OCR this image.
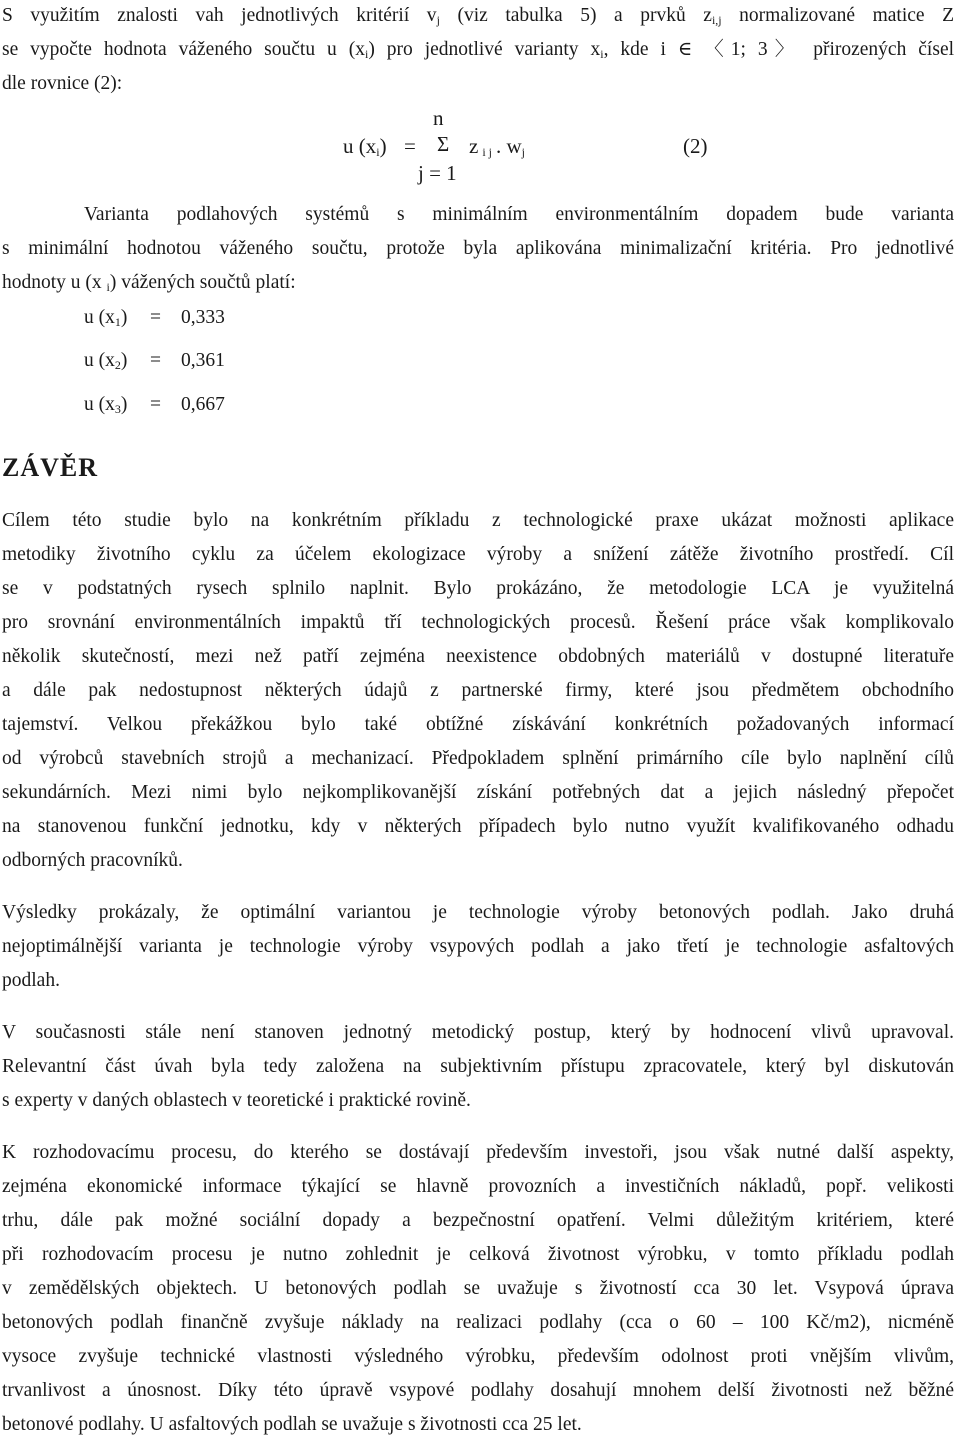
S využitím znalosti vah jednotlivých kritérií $v_j$ (viz tabulka 5) a prvků $z_{i,j}$ normalizované matice Z
se vypočte hodnota váženého součtu u $(x_i)$ pro jednotlivé varianty $x_i$, kde i ∈ 〈1; 3〉 přirozených čísel
dle rovnice (2):
n
u $(x_i) = \Sigma$ z $_{i j}$ . $w_j$	(2)
j = 1
Varianta podlahových systémů s minimálním environmentálním dopadem bude varianta
s minimální hodnotou váženého součtu, protože byla aplikována minimalizační kritéria. Pro jednotlivé
hodnoty u (x $_i$) vážených součtů platí:
u $(x_1) = 0,333$
u $(x_2) = 0,361$
u $(x_3) = 0,667$
ZÁVĚR
Cílem této studie bylo na konkrétním příkladu z technologické praxe ukázat možnosti aplikace
metodiky životního cyklu za účelem ekologizace výroby a snížení zátěže životního prostředí. Cíl
se v podstatných rysech splnilo naplnit. Bylo prokázáno, že metodologie LCA je využitelná
pro srovnání environmentálních impaktů tří technologických procesů. Řešení práce však komplikovalo
několik skutečností, mezi než patří zejména neexistence obdobných materiálů v dostupné literatuře
a dále pak nedostupnost některých údajů z partnerské firmy, které jsou předmětem obchodního
tajemství. Velkou překážkou bylo také obtížné získávání konkrétních požadovaných informací
od výrobců stavebních strojů a mechanizací. Předpokladem splnění primárního cíle bylo naplnění cílů
sekundárních. Mezi nimi bylo nejkomplikovanější získání potřebných dat a jejich následný přepočet
na stanovenou funkční jednotku, kdy v některých případech bylo nutno využít kvalifikovaného odhadu
odborných pracovníků.
Výsledky prokázaly, že optimální variantou je technologie výroby betonových podlah. Jako druhá
nejoptimálnější varianta je technologie výroby vsypových podlah a jako třetí je technologie asfaltových
podlah.
V současnosti stále není stanoven jednotný metodický postup, který by hodnocení vlivů upravoval.
Relevantní část úvah byla tedy založena na subjektivním přístupu zpracovatele, který byl diskutován
s experty v daných oblastech v teoretické i praktické rovině.
K rozhodovacímu procesu, do kterého se dostávají především investoři, jsou však nutné další aspekty,
zejména ekonomické informace týkající se hlavně provozních a investičních nákladů, popř. velikosti
trhu, dále pak možné sociální dopady a bezpečnostní opatření. Velmi důležitým kritériem, které
při rozhodovacím procesu je nutno zohlednit je celková životnost výrobku, v tomto příkladu podlah
v zemědělských objektech. U betonových podlah se uvažuje s životností cca 30 let. Vsypová úprava
betonových podlah finančně zvyšuje náklady na realizaci podlahy (cca o 60 – 100 Kč/m2), nicméně
vysoce zvyšuje technické vlastnosti výsledného výrobku, především odolnost proti vnějším vlivům,
trvanlivost a únosnost. Díky této úpravě vsypové podlahy dosahují mnohem delší životnosti než běžné
betonové podlahy. U asfaltových podlah se uvažuje s životnosti cca 25 let.
